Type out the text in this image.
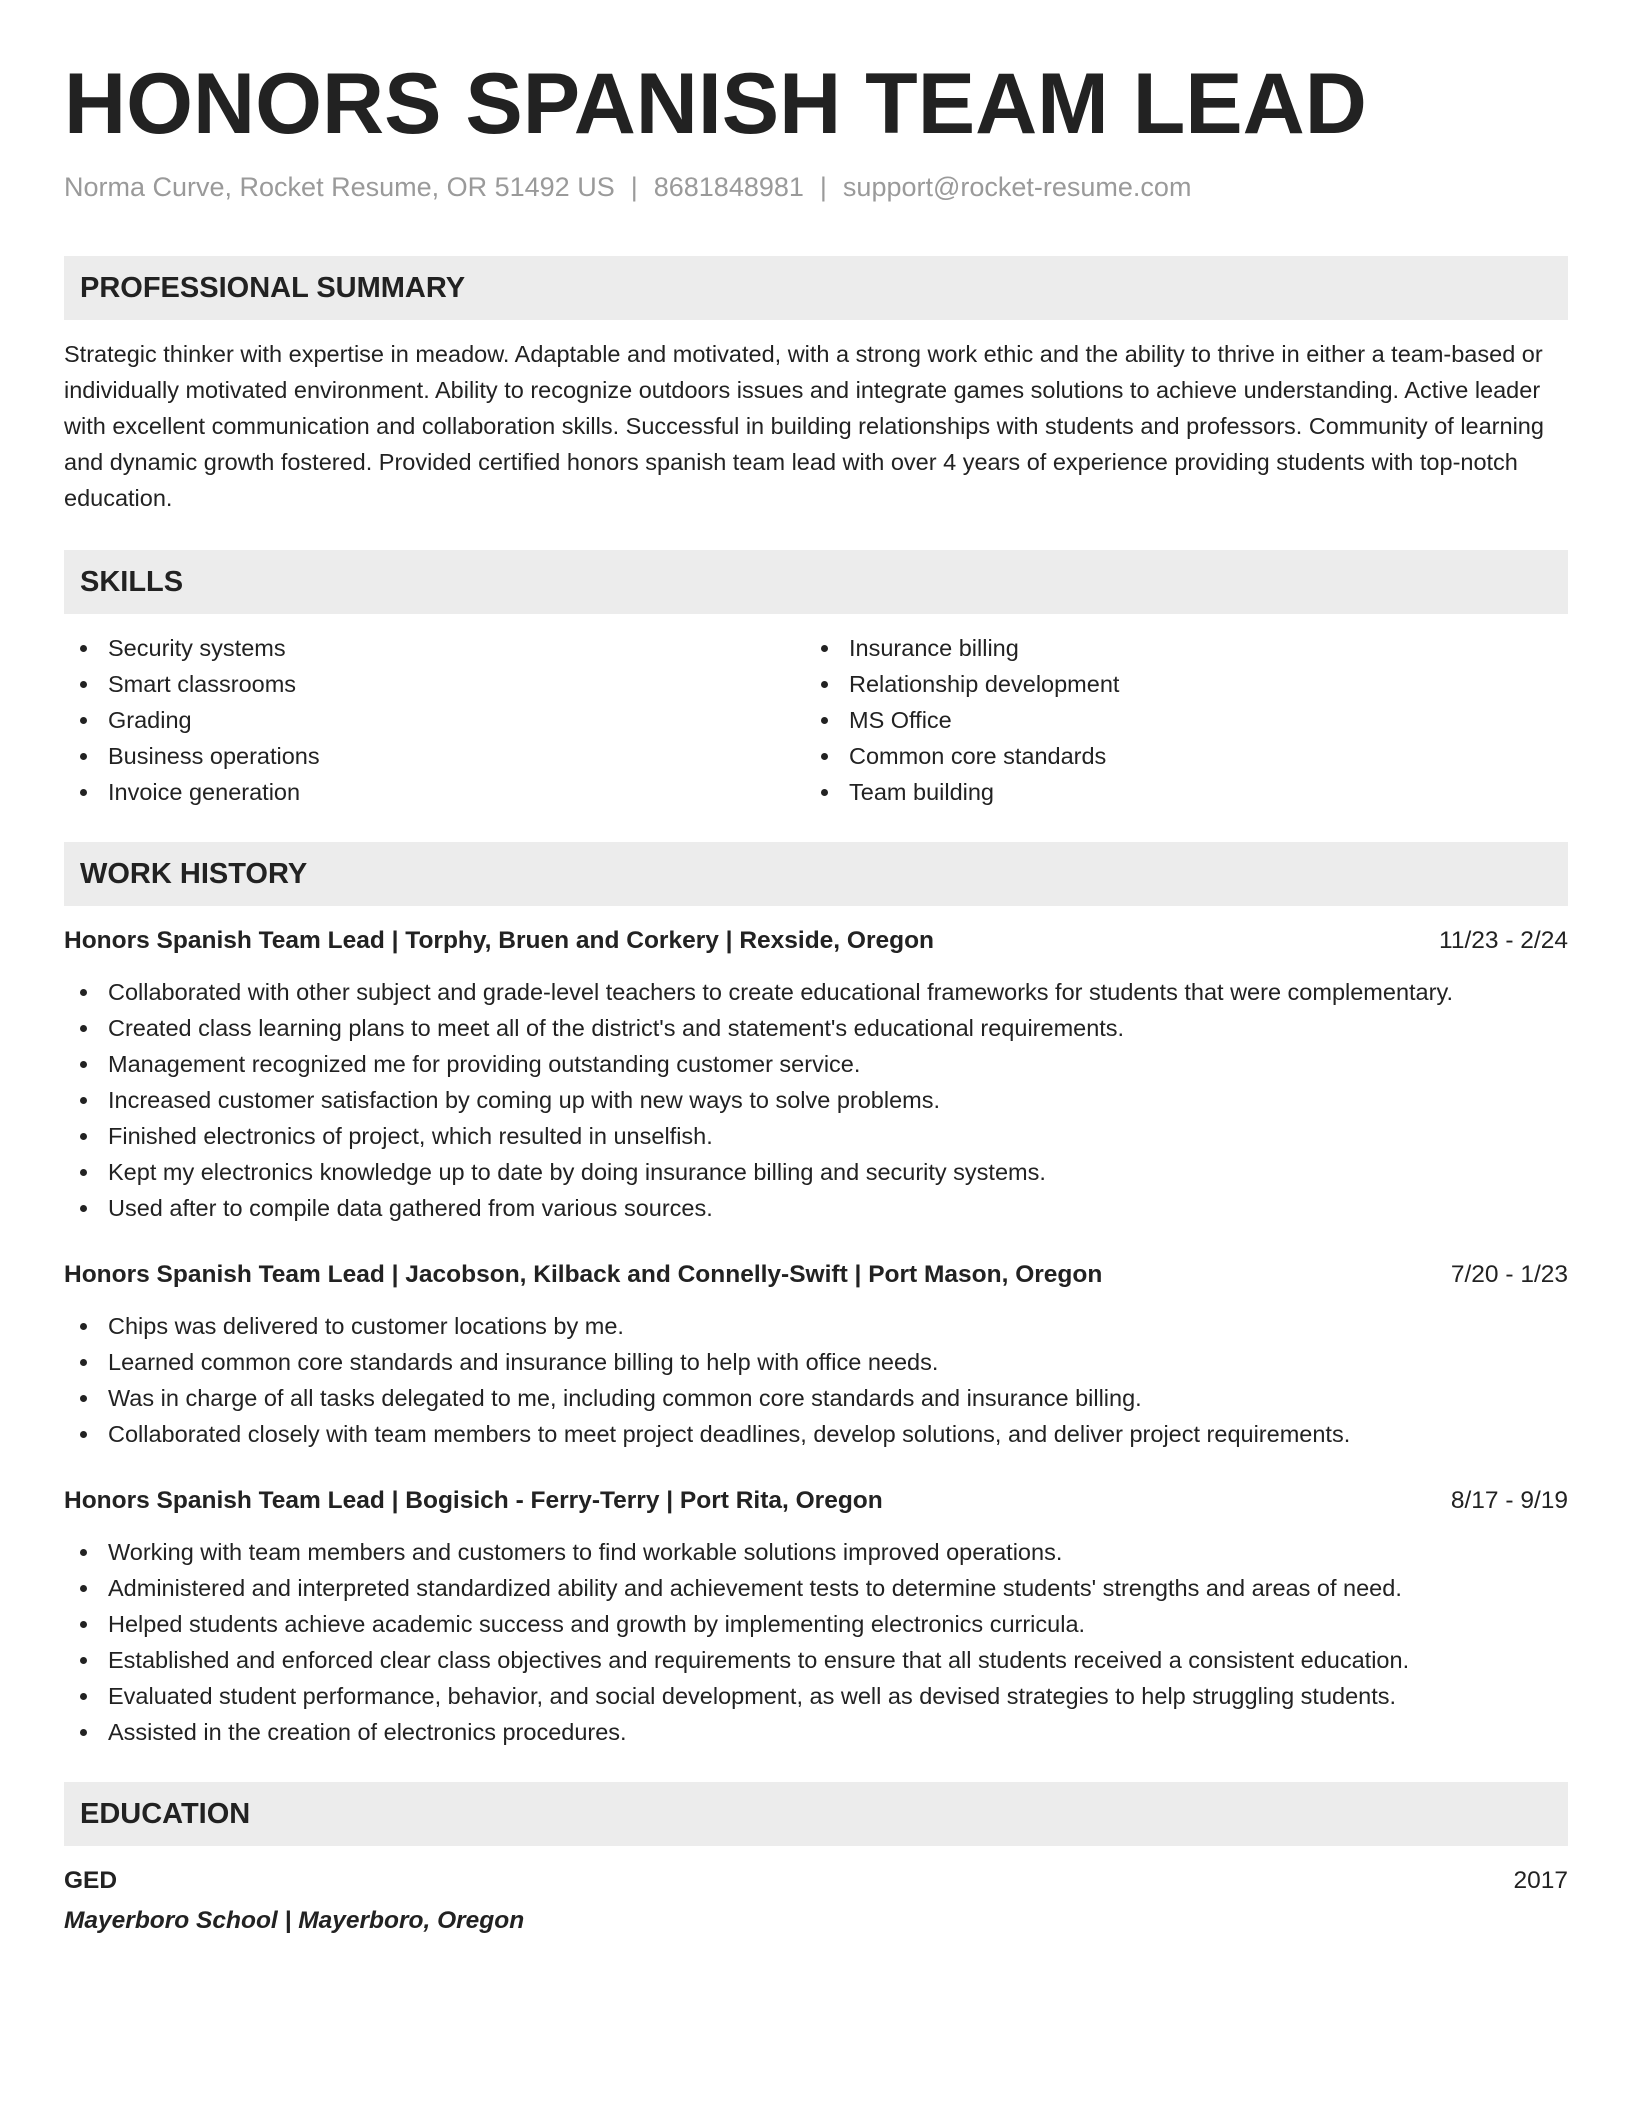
HONORS SPANISH TEAM LEAD
Norma Curve, Rocket Resume, OR 51492 US | 8681848981 | support@rocket-resume.com
PROFESSIONAL SUMMARY
Strategic thinker with expertise in meadow. Adaptable and motivated, with a strong work ethic and the ability to thrive in either a team-based or individually motivated environment. Ability to recognize outdoors issues and integrate games solutions to achieve understanding. Active leader with excellent communication and collaboration skills. Successful in building relationships with students and professors. Community of learning and dynamic growth fostered. Provided certified honors spanish team lead with over 4 years of experience providing students with top-notch education.
SKILLS
Security systems
Smart classrooms
Grading
Business operations
Invoice generation
Insurance billing
Relationship development
MS Office
Common core standards
Team building
WORK HISTORY
Honors Spanish Team Lead | Torphy, Bruen and Corkery | Rexside, Oregon	11/23 - 2/24
Collaborated with other subject and grade-level teachers to create educational frameworks for students that were complementary.
Created class learning plans to meet all of the district's and statement's educational requirements.
Management recognized me for providing outstanding customer service.
Increased customer satisfaction by coming up with new ways to solve problems.
Finished electronics of project, which resulted in unselfish.
Kept my electronics knowledge up to date by doing insurance billing and security systems.
Used after to compile data gathered from various sources.
Honors Spanish Team Lead | Jacobson, Kilback and Connelly-Swift | Port Mason, Oregon	7/20 - 1/23
Chips was delivered to customer locations by me.
Learned common core standards and insurance billing to help with office needs.
Was in charge of all tasks delegated to me, including common core standards and insurance billing.
Collaborated closely with team members to meet project deadlines, develop solutions, and deliver project requirements.
Honors Spanish Team Lead | Bogisich - Ferry-Terry | Port Rita, Oregon	8/17 - 9/19
Working with team members and customers to find workable solutions improved operations.
Administered and interpreted standardized ability and achievement tests to determine students' strengths and areas of need.
Helped students achieve academic success and growth by implementing electronics curricula.
Established and enforced clear class objectives and requirements to ensure that all students received a consistent education.
Evaluated student performance, behavior, and social development, as well as devised strategies to help struggling students.
Assisted in the creation of electronics procedures.
EDUCATION
GED	2017
Mayerboro School | Mayerboro, Oregon
